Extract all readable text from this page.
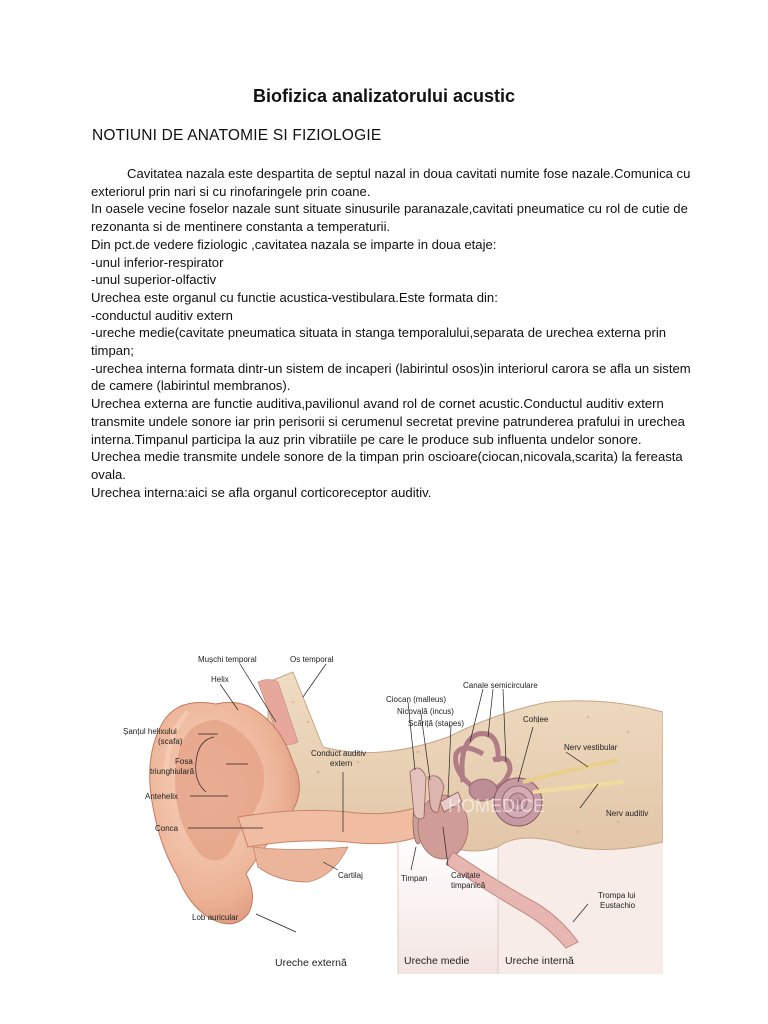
Biofizica analizatorului acustic
NOTIUNI DE ANATOMIE SI FIZIOLOGIE

Cavitatea nazala este despartita de septul nazal in doua cavitati numite fose nazale.Comunica cu exteriorul prin nari si cu rinofaringele prin coane.

In oasele vecine foselor nazale sunt situate sinusurile paranazale,cavitati pneumatice cu rol de cutie de rezonanta si de mentinere constanta a temperaturii.

Din pct.de vedere fiziologic ,cavitatea nazala se imparte in doua etaje:

-unul inferior-respirator

-unul superior-olfactiv

Urechea este organul cu functie acustica-vestibulara.Este formata din:

-conductul auditiv extern

-ureche medie(cavitate pneumatica situata in stanga temporalului,separata de urechea externa prin timpan;

-urechea interna formata dintr-un sistem de incaperi (labirintul osos)in interiorul carora se afla un sistem de camere (labirintul membranos).

Urechea externa are functie auditiva,pavilionul avand rol de cornet acustic.Conductul auditiv extern transmite undele sonore iar prin perisorii si cerumenul secretat previne patrunderea prafului in urechea interna.Timpanul participa la auz prin vibratiile pe care le produce sub influenta undelor sonore.

Urechea medie transmite undele sonore de la timpan prin oscioare(ciocan,nicovala,scarita) la fereasta ovala.

Urechea interna:aici se afla organul corticoreceptor auditiv.

HOMEDICE
Mușchi temporal	Os temporal
Helix
Șanțul helixului
(scafa)
Fosa
triunghiulară
Antehelix
Conca
Conduct auditiv
extern
Cartilaj
Lob auricular
Timpan	Cavitate
timpanică
Ciocan (malleus)
Nicovală (incus)
Scăriță (stapes)
Canale semicirculare
Cohlee
Nerv vestibular
Nerv auditiv
Trompa lui
Eustachio
Ureche externă	Ureche medie	Ureche internă
